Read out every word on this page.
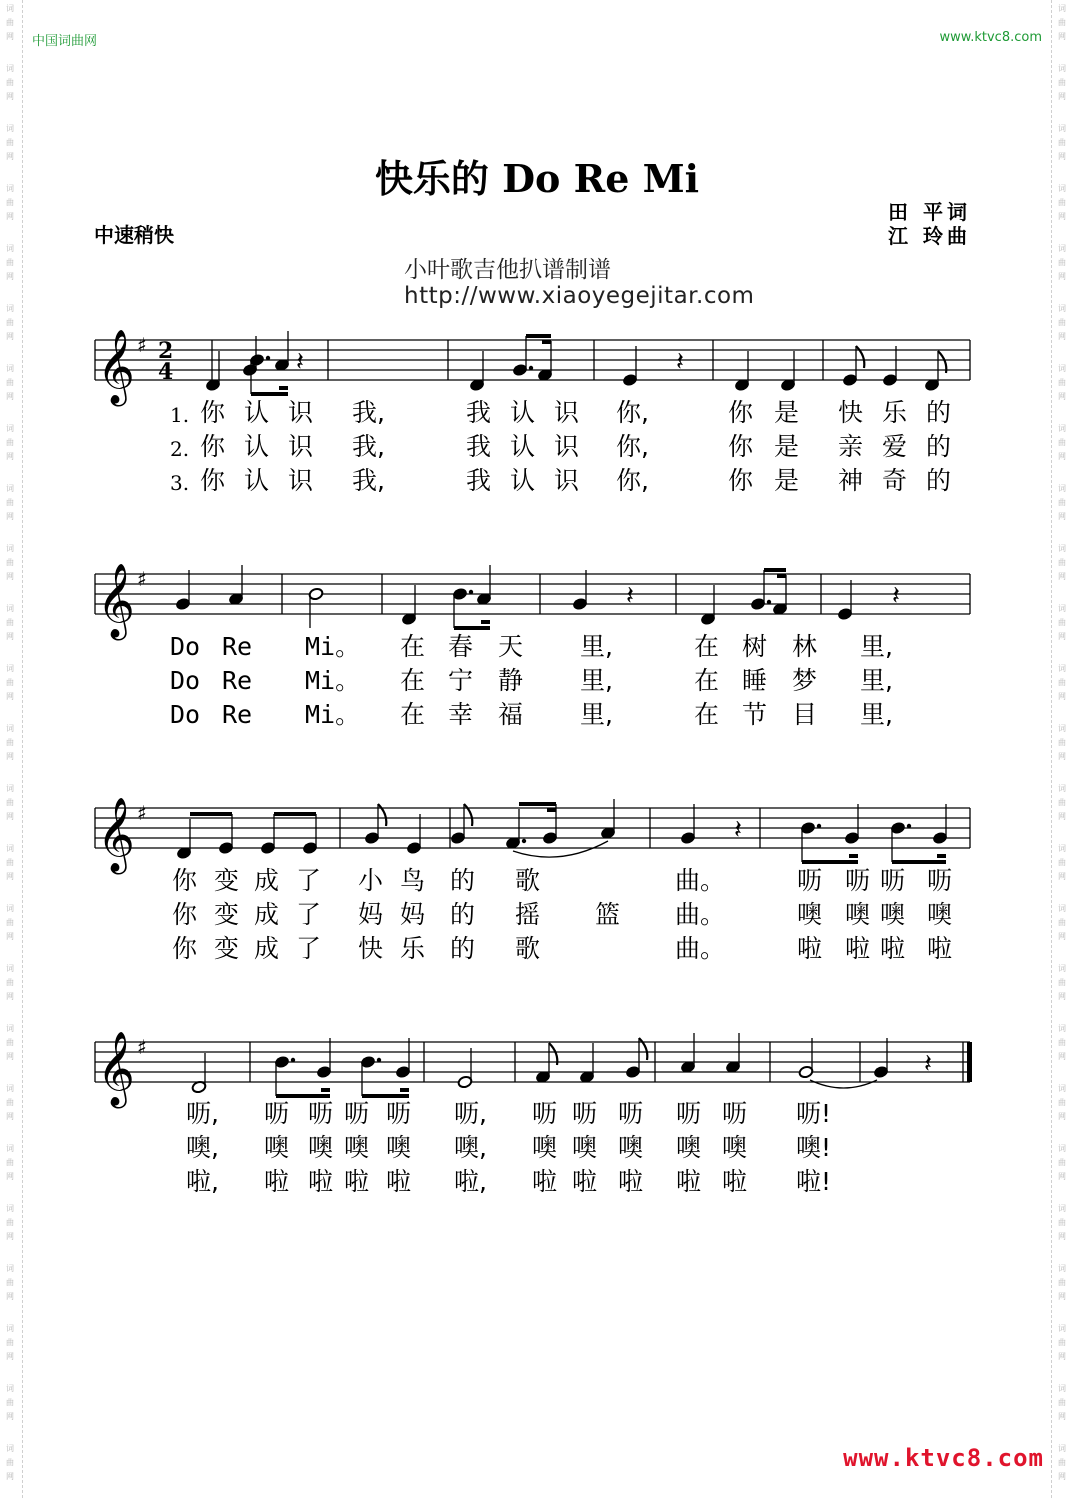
词
曲
网
词
曲
网
词
曲
网
词
曲
网
词
曲
网
词
曲
网
词
曲
网
词
曲
网
词
曲
网
词
曲
网
词
曲
网
词
曲
网
词
曲
网
词
曲
网
词
曲
网
词
曲
网
词
曲
网
词
曲
网
词
曲
网
词
曲
网
词
曲
网
词
曲
网
词
曲
网
词
曲
网
词
曲
网
词
曲
网
词
曲
网
词
曲
网
词
曲
网
词
曲
网
词
曲
网
词
曲
网
词
曲
网
词
曲
网
词
曲
网
词
曲
网
词
曲
网
词
曲
网
词
曲
网
词
曲
网
词
曲
网
词
曲
网
词
曲
网
词
曲
网
词
曲
网
词
曲
网
词
曲
网
词
曲
网
词
曲
网
词
曲
网
中国词曲网	www.ktvc8.com
快乐的 Do Re Mi
中速稍快
田 平词
江 玲曲
小叶歌吉他扒谱制谱
http://www.xiaoyegejitar.com
𝄞 ♯ 2
4	𝄽	𝄽
𝄞 ♯
𝄽	𝄽
𝄞 ♯
𝄽
𝄞 ♯
𝄽
1. 你 认 识 我,	我 认 识 你,	你 是 快 乐 的
2. 你 认 识 我,	我 认 识 你,	你 是 亲 爱 的
3. 你 认 识 我,	我 认 识 你,	你 是 神 奇 的
Do Re Mi。 在 春 天 里,	在 树 林 里,
Do Re Mi。 在 宁 静 里,	在 睡 梦 里,
Do Re Mi。 在 幸 福 里,	在 节 目 里,
你 变 成 了 小 鸟 的 歌	曲。	呖 呖 呖 呖
你 变 成 了 妈 妈 的 摇 篮 曲。	噢 噢 噢 噢
你 变 成 了 快 乐 的 歌	曲。	啦 啦 啦 啦
呖, 呖 呖 呖 呖 呖, 呖 呖 呖 呖 呖 呖!
噢, 噢 噢 噢 噢 噢, 噢 噢 噢 噢 噢 噢!
啦, 啦 啦 啦 啦 啦, 啦 啦 啦 啦 啦 啦!
www.ktvc8.com
